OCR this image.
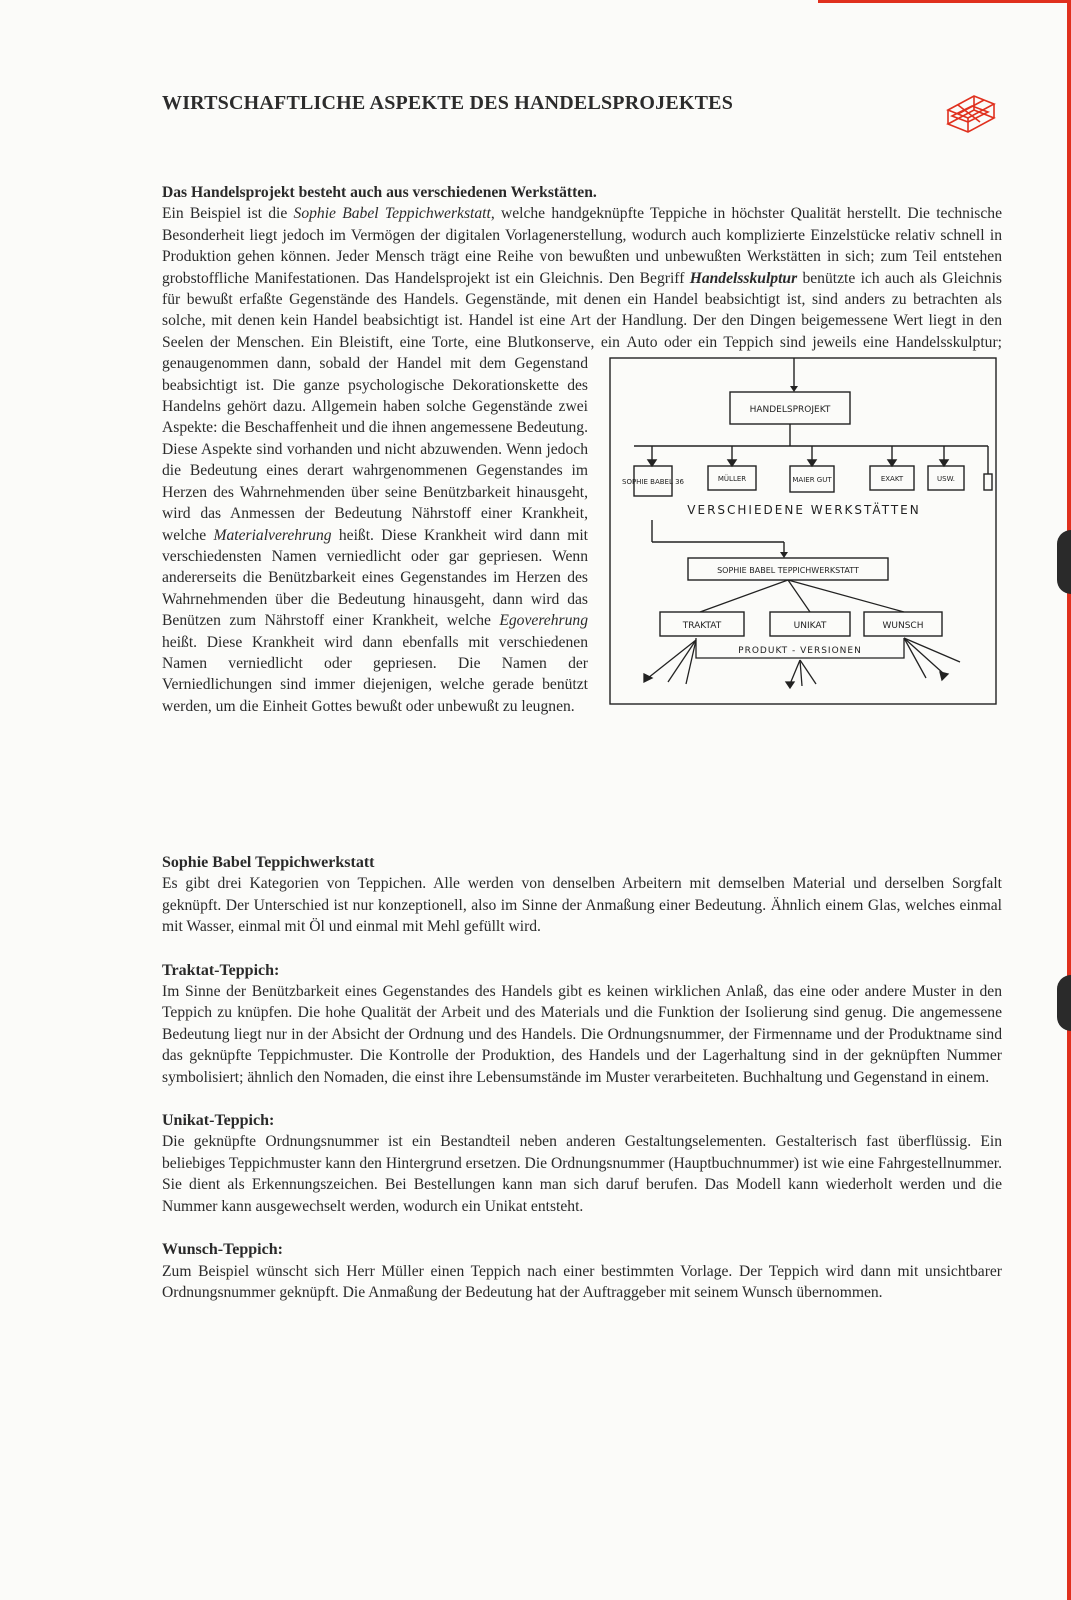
WIRTSCHAFTLICHE ASPEKTE DES HANDELSPROJEKTES

Das Handelsprojekt besteht auch aus verschiedenen Werkstätten.

Ein Beispiel ist die Sophie Babel Teppichwerkstatt, welche handgeknüpfte Teppiche in höchster Qualität herstellt. Die technische Besonderheit liegt jedoch im Vermögen der digitalen Vorlagenerstellung, wodurch auch komplizierte Einzelstücke relativ schnell in Produktion gehen können. Jeder Mensch trägt eine Reihe von bewußten und unbewußten Werkstätten in sich; zum Teil entstehen grobstoffliche Manifestationen. Das Handelsprojekt ist ein Gleichnis. Den Begriff Handelsskulptur benützte ich auch als Gleichnis für bewußt erfaßte Gegenstände des Handels. Gegenstände, mit denen ein Handel beabsichtigt ist, sind anders zu betrachten als solche, mit denen kein Handel beabsichtigt ist. Handel ist eine Art der Handlung. Der den Dingen beigemessene Wert liegt in den Seelen der Menschen. Ein Bleistift, eine Torte, eine Blutkonserve, ein
HANDELSPROJEKT
SOPHIE BABEL 36	MÜLLER	MAIER GUT	EXAKT	USW.
VERSCHIEDENE WERKSTÄTTEN
SOPHIE BABEL TEPPICHWERKSTATT
TRAKTAT	UNIKAT	WUNSCH
PRODUKT - VERSIONEN
Auto oder ein Teppich sind jeweils eine Handelsskulptur; genaugenommen dann, sobald der Handel mit dem Gegenstand beabsichtigt ist. Die ganze psychologische Dekorationskette des Handelns gehört dazu. Allgemein haben solche Gegenstände zwei Aspekte: die Beschaffenheit und die ihnen angemessene Bedeutung. Diese Aspekte sind vorhanden und nicht abzuwenden. Wenn jedoch die Bedeutung eines derart wahrgenommenen Gegenstandes im Herzen des Wahrnehmenden über seine Benützbarkeit hinausgeht, wird das Anmessen der Bedeutung Nährstoff einer Krankheit, welche Materialverehrung heißt. Diese Krankheit wird dann mit verschiedensten Namen verniedlicht oder gar gepriesen. Wenn andererseits die Benützbarkeit eines Gegenstandes im Herzen des Wahrnehmenden über die Bedeutung hinausgeht, dann wird das Benützen zum Nährstoff einer Krankheit, welche Egoverehrung heißt. Diese Krankheit wird dann ebenfalls mit verschiedenen Namen verniedlicht oder gepriesen. Die Namen der Verniedlichungen sind immer diejenigen, welche gerade benützt werden, um die Einheit Gottes bewußt oder unbewußt zu leugnen.

Sophie Babel Teppichwerkstatt

Es gibt drei Kategorien von Teppichen. Alle werden von denselben Arbeitern mit demselben Material und derselben Sorgfalt geknüpft. Der Unterschied ist nur konzeptionell, also im Sinne der Anmaßung einer Bedeutung. Ähnlich einem Glas, welches einmal mit Wasser, einmal mit Öl und einmal mit Mehl gefüllt wird.

Traktat-Teppich:

Im Sinne der Benützbarkeit eines Gegenstandes des Handels gibt es keinen wirklichen Anlaß, das eine oder andere Muster in den Teppich zu knüpfen. Die hohe Qualität der Arbeit und des Materials und die Funktion der Isolierung sind genug. Die angemessene Bedeutung liegt nur in der Absicht der Ordnung und des Handels. Die Ordnungsnummer, der Firmenname und der Produktname sind das geknüpfte Teppichmuster. Die Kontrolle der Produktion, des Handels und der Lagerhaltung sind in der geknüpften Nummer symbolisiert; ähnlich den Nomaden, die einst ihre Lebensumstände im Muster verarbeiteten. Buchhaltung und Gegenstand in einem.

Unikat-Teppich:

Die geknüpfte Ordnungsnummer ist ein Bestandteil neben anderen Gestaltungselementen. Gestalterisch fast überflüssig. Ein beliebiges Teppichmuster kann den Hintergrund ersetzen. Die Ordnungsnummer (Hauptbuchnummer) ist wie eine Fahrgestellnummer. Sie dient als Erkennungszeichen. Bei Bestellungen kann man sich daruf berufen. Das Modell kann wiederholt werden und die Nummer kann ausgewechselt werden, wodurch ein Unikat entsteht.

Wunsch-Teppich:

Zum Beispiel wünscht sich Herr Müller einen Teppich nach einer bestimmten Vorlage. Der Teppich wird dann mit unsichtbarer Ordnungsnummer geknüpft. Die Anmaßung der Bedeutung hat der Auftraggeber mit seinem Wunsch übernommen.
